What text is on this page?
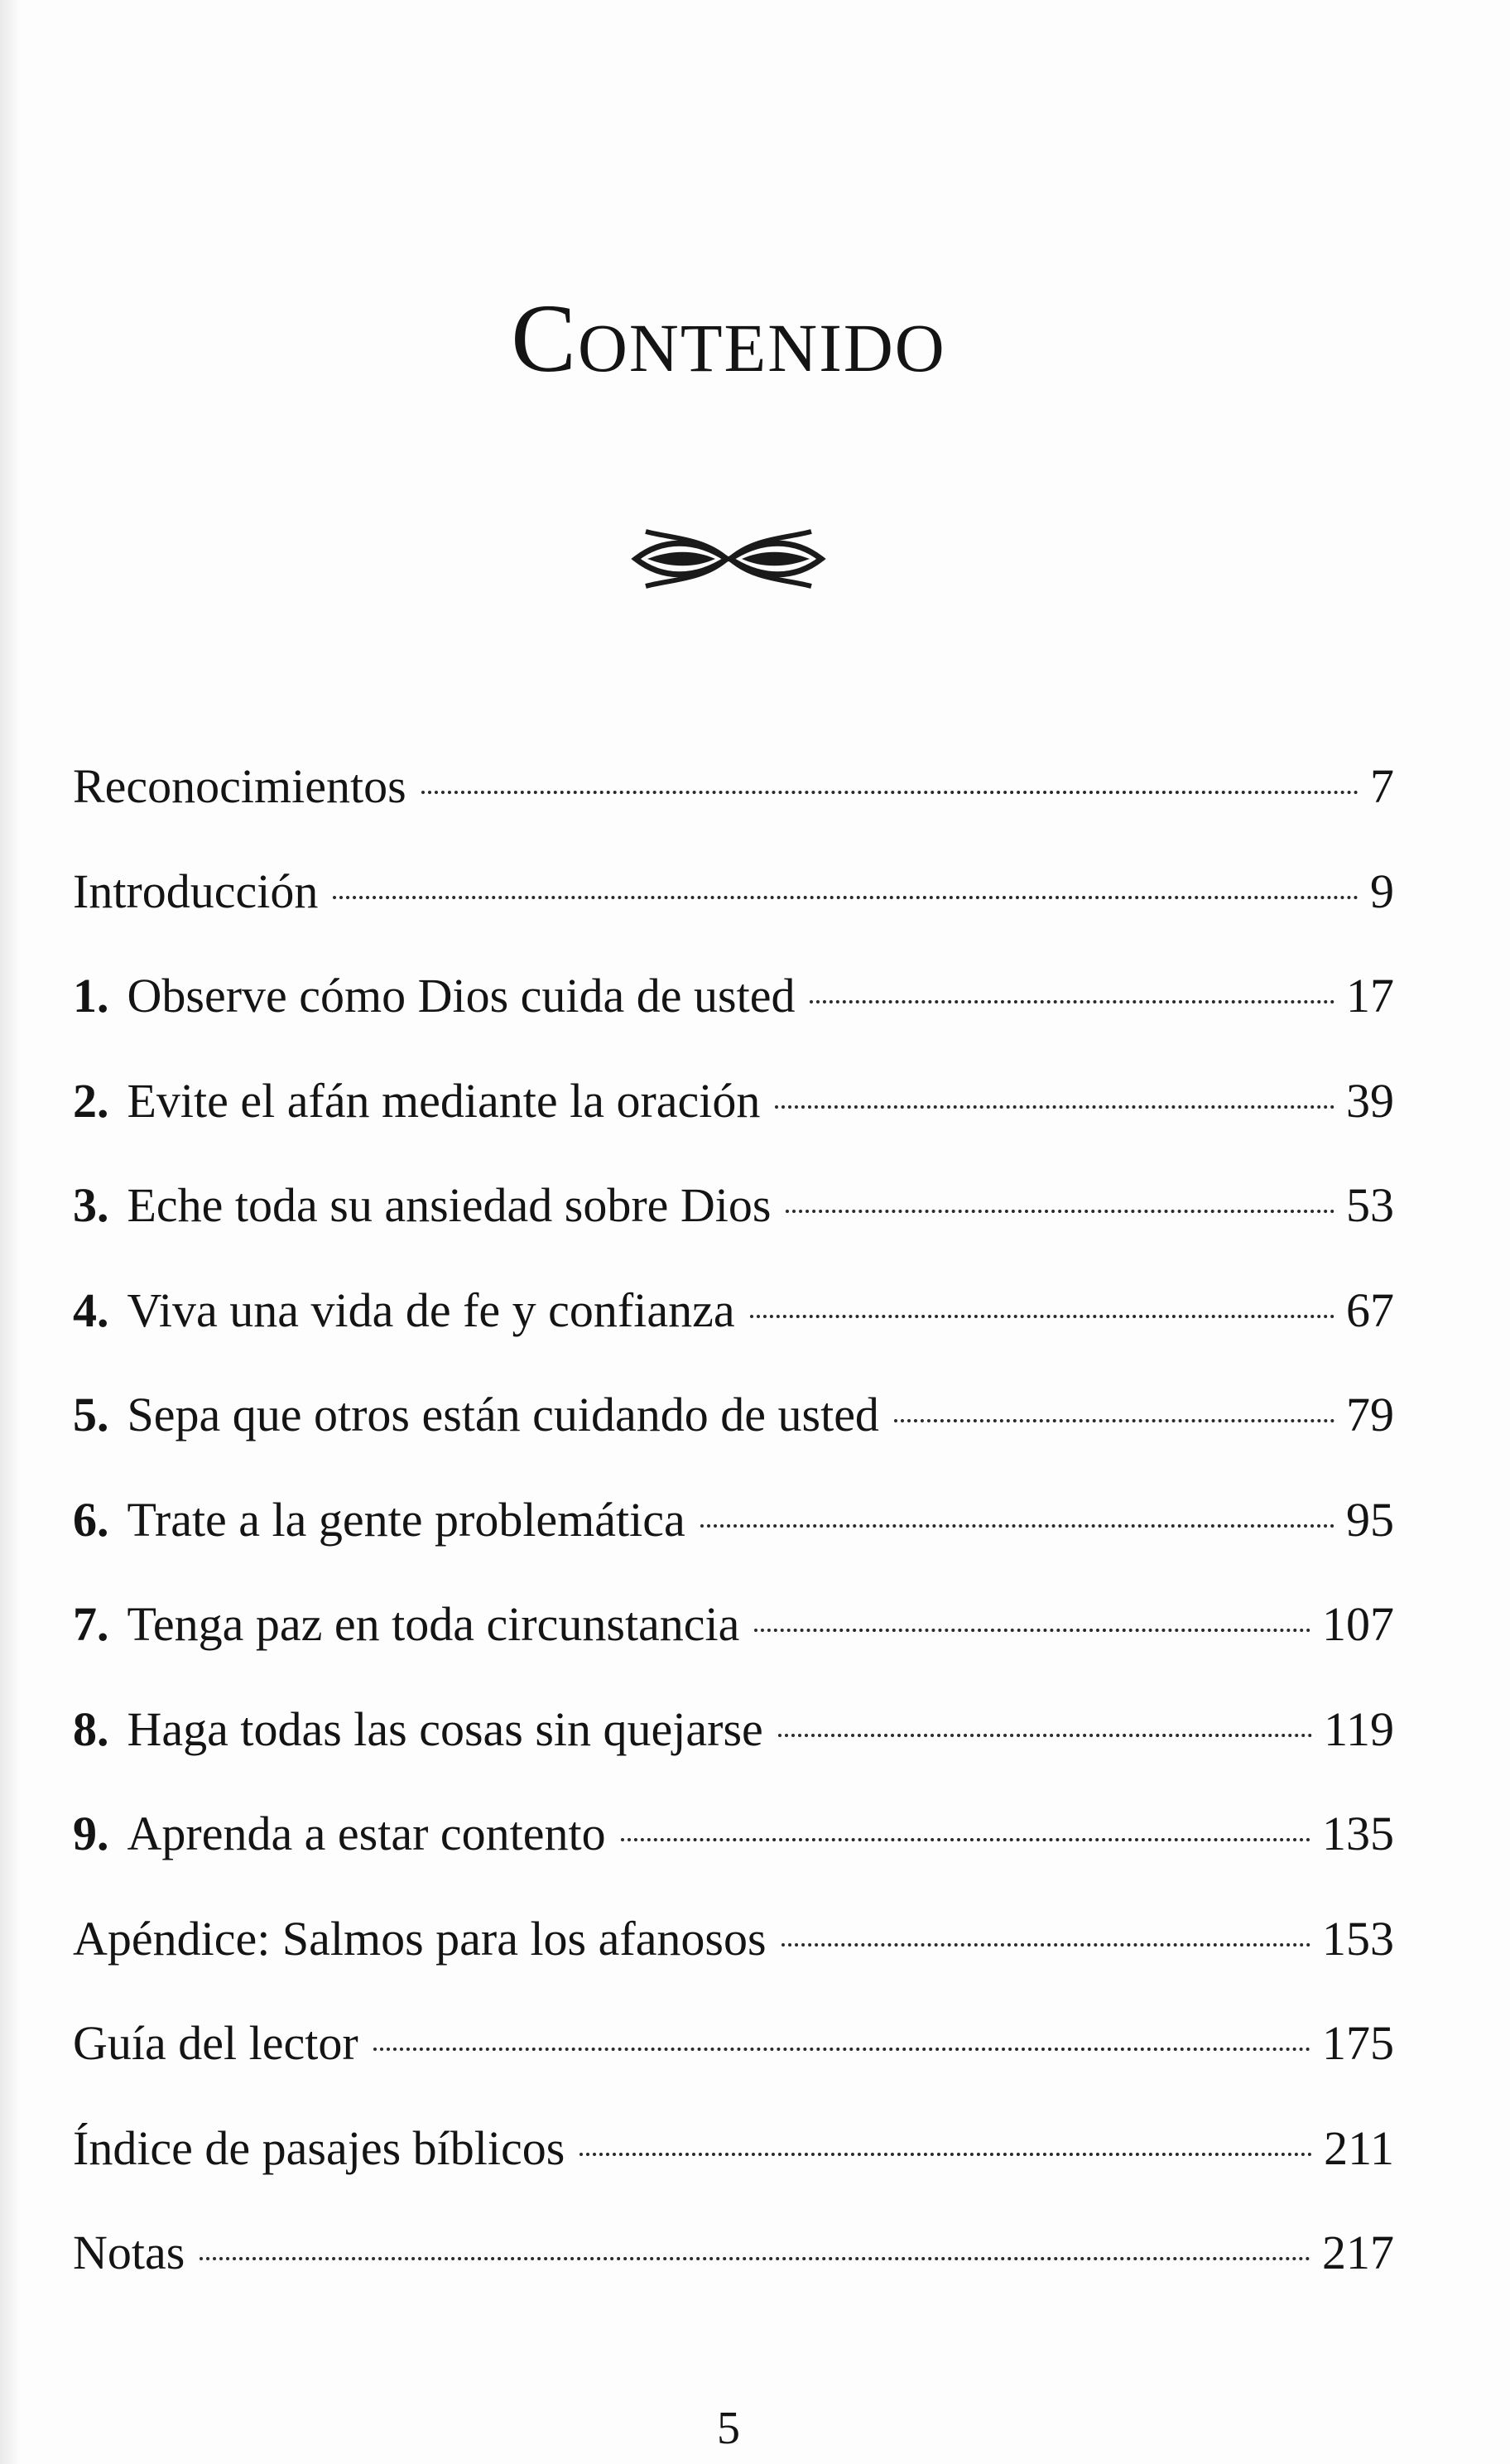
Contenido
Reconocimientos	7
Introducción	9
1. Observe cómo Dios cuida de usted	17
2. Evite el afán mediante la oración	39
3. Eche toda su ansiedad sobre Dios	53
4. Viva una vida de fe y confianza	67
5. Sepa que otros están cuidando de usted	79
6. Trate a la gente problemática	95
7. Tenga paz en toda circunstancia	107
8. Haga todas las cosas sin quejarse	119
9. Aprenda a estar contento	135
Apéndice: Salmos para los afanosos	153
Guía del lector	175
Índice de pasajes bíblicos	211
Notas	217
5
